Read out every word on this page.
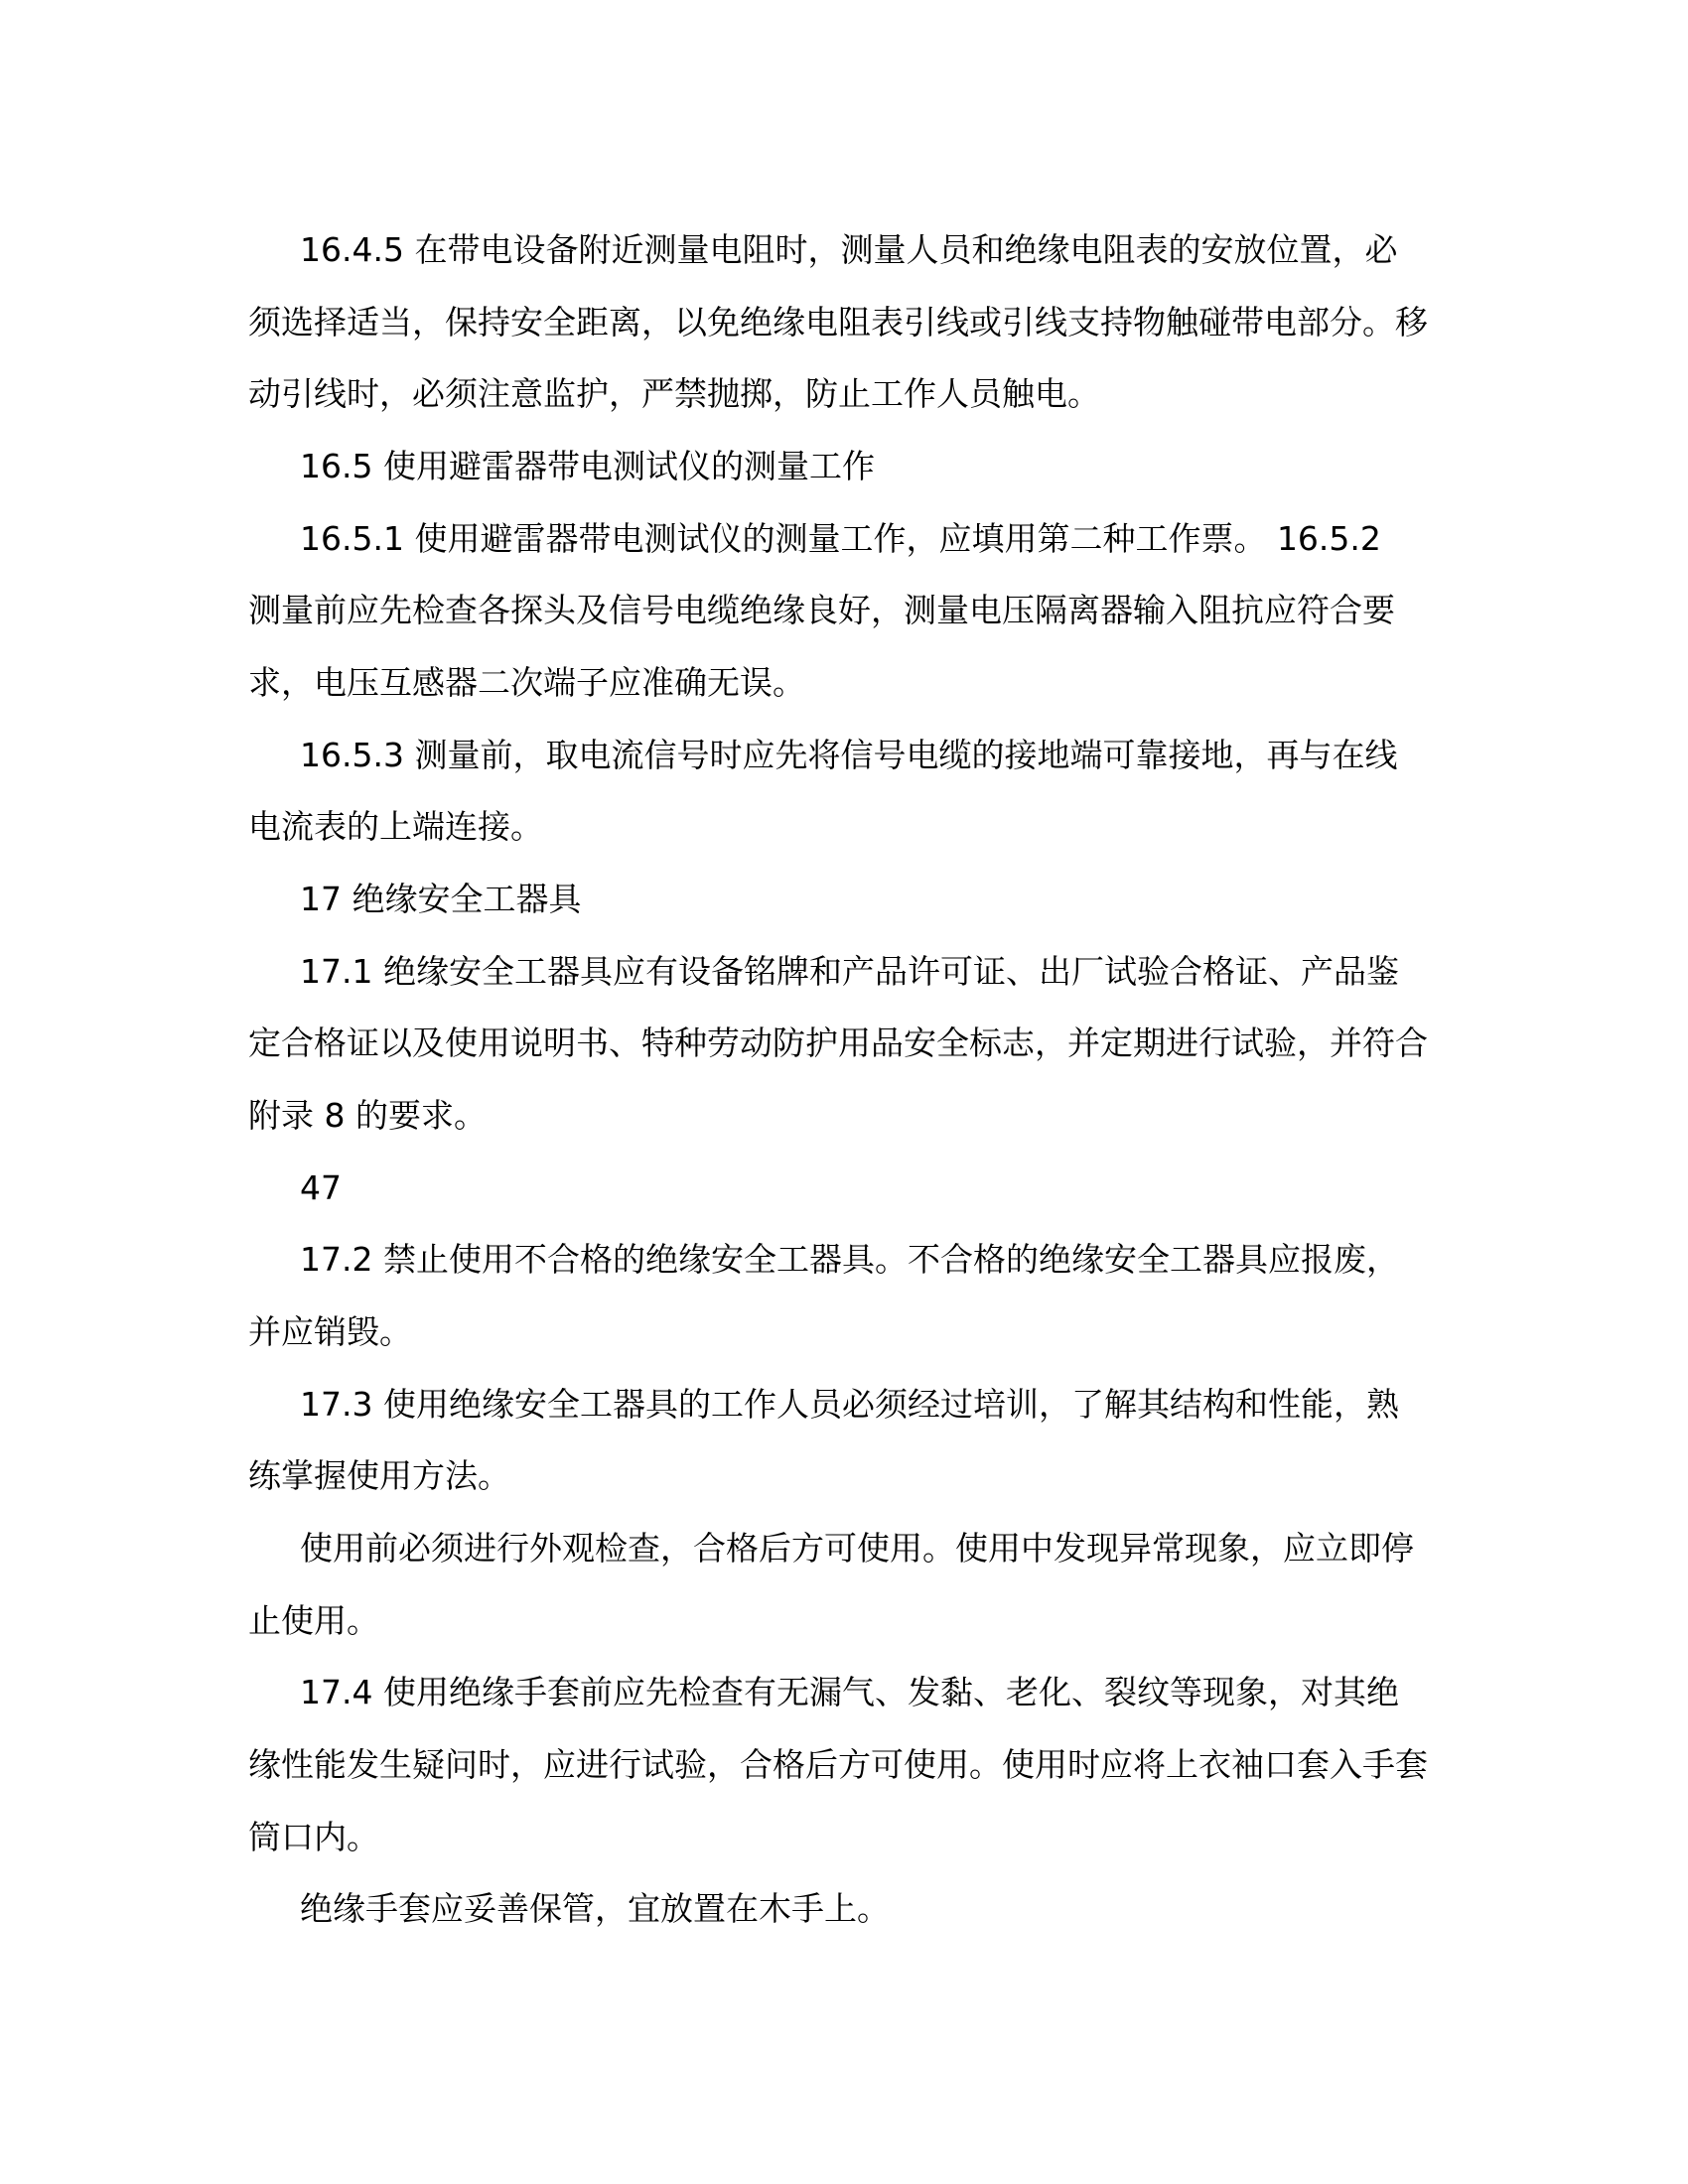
16.4.5 在带电设备附近测量电阻时，测量人员和绝缘电阻表的安放位置，必
须选择适当，保持安全距离，以免绝缘电阻表引线或引线支持物触碰带电部分。移
动引线时，必须注意监护，严禁抛掷，防止工作人员触电。
16.5 使用避雷器带电测试仪的测量工作
16.5.1 使用避雷器带电测试仪的测量工作，应填用第二种工作票。 16.5.2
测量前应先检查各探头及信号电缆绝缘良好，测量电压隔离器输入阻抗应符合要
求，电压互感器二次端子应准确无误。
16.5.3 测量前，取电流信号时应先将信号电缆的接地端可靠接地，再与在线
电流表的上端连接。
17 绝缘安全工器具
17.1 绝缘安全工器具应有设备铭牌和产品许可证、出厂试验合格证、产品鉴
定合格证以及使用说明书、特种劳动防护用品安全标志，并定期进行试验，并符合
附录 8 的要求。
47
17.2 禁止使用不合格的绝缘安全工器具。不合格的绝缘安全工器具应报废，
并应销毁。
17.3 使用绝缘安全工器具的工作人员必须经过培训，了解其结构和性能，熟
练掌握使用方法。
使用前必须进行外观检查，合格后方可使用。使用中发现异常现象，应立即停
止使用。
17.4 使用绝缘手套前应先检查有无漏气、发黏、老化、裂纹等现象，对其绝
缘性能发生疑问时，应进行试验，合格后方可使用。使用时应将上衣袖口套入手套
筒口内。
绝缘手套应妥善保管，宜放置在木手上。
